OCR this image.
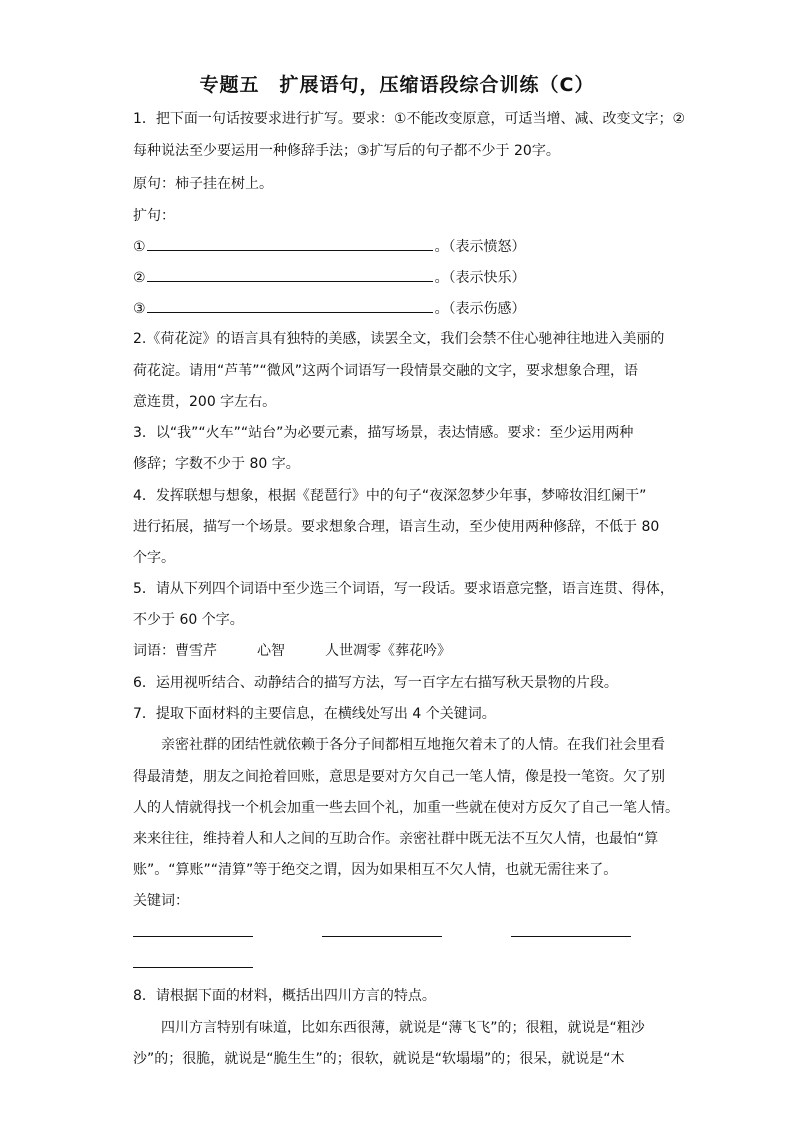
专题五　扩展语句，压缩语段综合训练（C）
1．把下面一句话按要求进行扩写。要求：①不能改变原意，可适当增、减、改变文字；②
每种说法至少要运用一种修辞手法；③扩写后的句子都不少于 20字。
原句：柿子挂在树上。
扩句：
①	。（表示愤怒）
②	。（表示快乐）
③	。（表示伤感）
2.《荷花淀》的语言具有独特的美感，读罢全文，我们会禁不住心驰神往地进入美丽的
荷花淀。请用“芦苇”“微风”这两个词语写一段情景交融的文字，要求想象合理，语
意连贯，200 字左右。
3．以“我”“火车”“站台”为必要元素，描写场景，表达情感。要求：至少运用两种
修辞；字数不少于 80 字。
4．发挥联想与想象，根据《琵琶行》中的句子“夜深忽梦少年事，梦啼妆泪红阑干”
进行拓展，描写一个场景。要求想象合理，语言生动，至少使用两种修辞，不低于 80
个字。
5．请从下列四个词语中至少选三个词语，写一段话。要求语意完整，语言连贯、得体，
不少于 60 个字。
词语：曹雪芹	心智	人世凋零《葬花吟》
6．运用视听结合、动静结合的描写方法，写一百字左右描写秋天景物的片段。
7．提取下面材料的主要信息，在横线处写出 4 个关键词。
亲密社群的团结性就依赖于各分子间都相互地拖欠着未了的人情。在我们社会里看
得最清楚，朋友之间抢着回账，意思是要对方欠自己一笔人情，像是投一笔资。欠了别
人的人情就得找一个机会加重一些去回个礼，加重一些就在使对方反欠了自己一笔人情。
来来往往，维持着人和人之间的互助合作。亲密社群中既无法不互欠人情，也最怕“算
账”。“算账”“清算”等于绝交之谓，因为如果相互不欠人情，也就无需往来了。
关键词：
8．请根据下面的材料，概括出四川方言的特点。
四川方言特别有味道，比如东西很薄，就说是“薄飞飞”的；很粗，就说是“粗沙
沙”的；很脆，就说是“脆生生”的；很软，就说是“软塌塌”的；很呆，就说是“木
